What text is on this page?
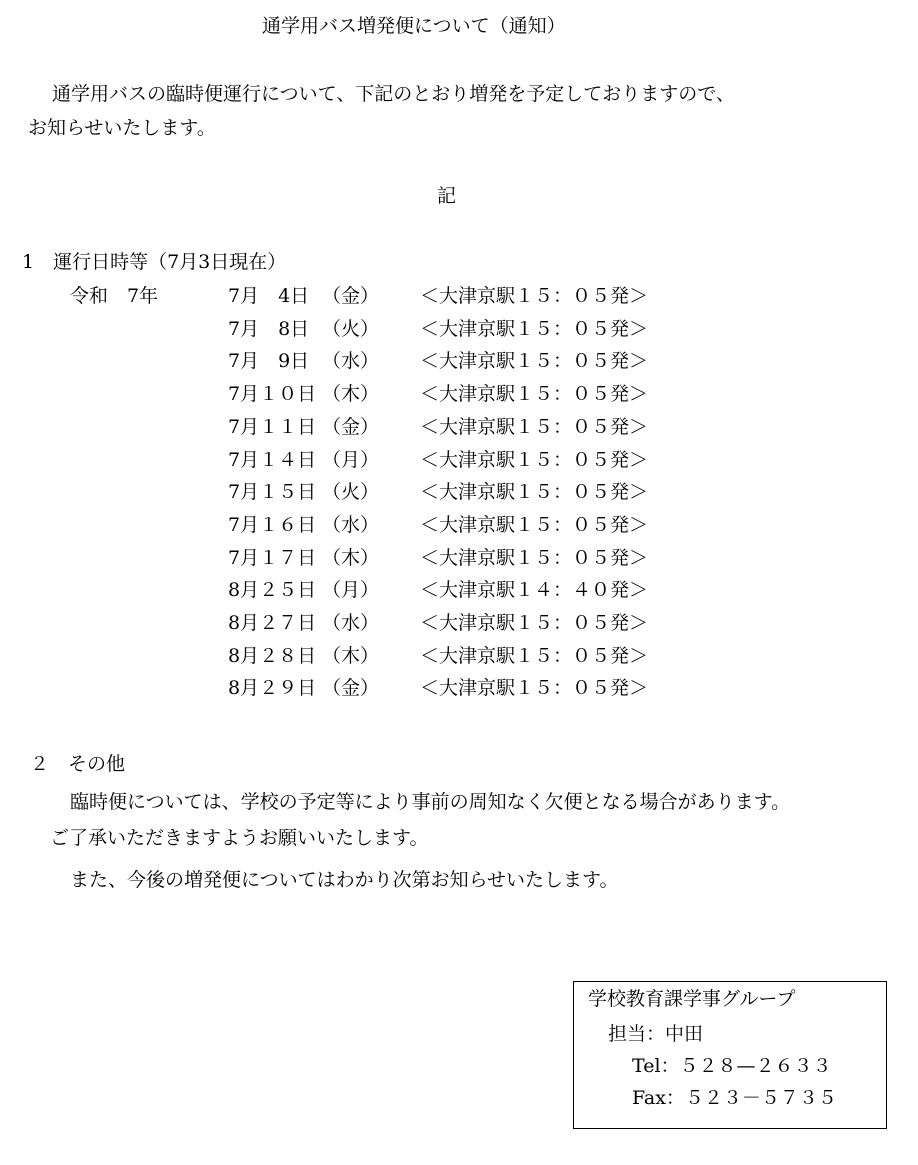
通学用バス増発便について（通知）
通学用バスの臨時便運行について、下記のとおり増発を予定しておりますので、
お知らせいたします。
記
1　運行日時等（7月3日現在）
令和　7年	7月　4日 （金） ＜大津京駅１５：０５発＞
7月　8日 （火） ＜大津京駅１５：０５発＞
7月　9日 （水） ＜大津京駅１５：０５発＞
7月１０日 （木） ＜大津京駅１５：０５発＞
7月１１日 （金） ＜大津京駅１５：０５発＞
7月１４日 （月） ＜大津京駅１５：０５発＞
7月１５日 （火） ＜大津京駅１５：０５発＞
7月１６日 （水） ＜大津京駅１５：０５発＞
7月１７日 （木） ＜大津京駅１５：０５発＞
8月２５日 （月） ＜大津京駅１４：４０発＞
8月２７日 （水） ＜大津京駅１５：０５発＞
8月２８日 （木） ＜大津京駅１５：０５発＞
8月２９日 （金） ＜大津京駅１５：０５発＞
２　その他
臨時便については、学校の予定等により事前の周知なく欠便となる場合があります。
ご了承いただきますようお願いいたします。
また、今後の増発便についてはわかり次第お知らせいたします。
学校教育課学事グループ
担当：中田
Tel：５２８—２６３３
Fax：５２３－５７３５
